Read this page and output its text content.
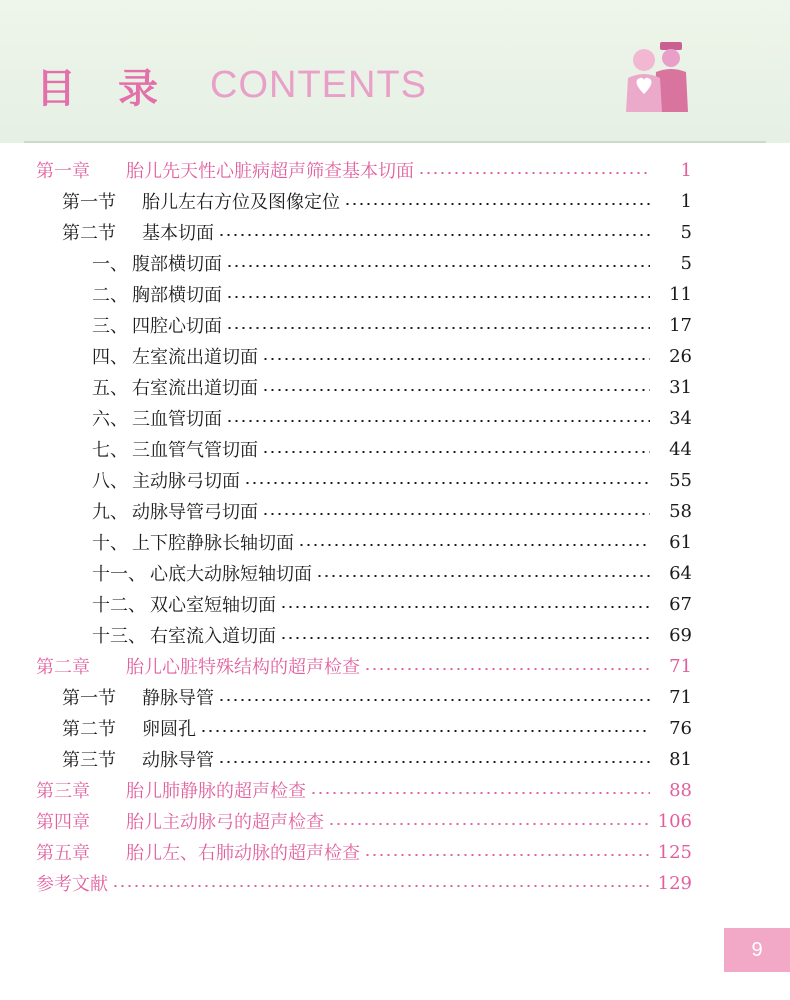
目录 CONTENTS
第一章 胎儿先天性心脏病超声筛查基本切面	1
第一节 胎儿左右方位及图像定位	1
第二节 基本切面	5
一、 腹部横切面	5
二、 胸部横切面	11
三、 四腔心切面	17
四、 左室流出道切面	26
五、 右室流出道切面	31
六、 三血管切面	34
七、 三血管气管切面	44
八、 主动脉弓切面	55
九、 动脉导管弓切面	58
十、 上下腔静脉长轴切面	61
十一、 心底大动脉短轴切面	64
十二、 双心室短轴切面	67
十三、 右室流入道切面	69
第二章 胎儿心脏特殊结构的超声检查	71
第一节 静脉导管	71
第二节 卵圆孔	76
第三节 动脉导管	81
第三章 胎儿肺静脉的超声检查	88
第四章 胎儿主动脉弓的超声检查	106
第五章 胎儿左、右肺动脉的超声检查	125
参考文献	129
9
